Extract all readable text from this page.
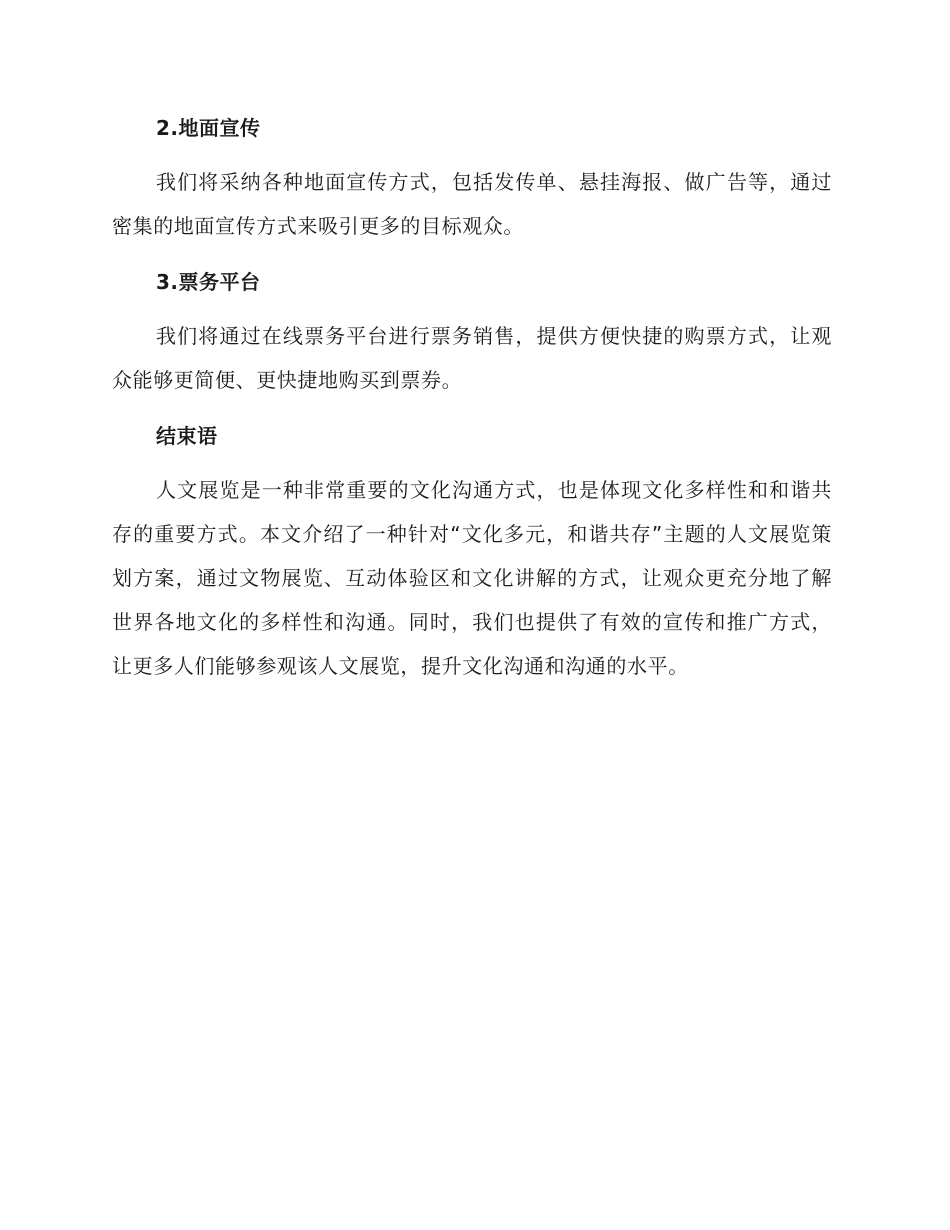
2.地面宣传

我们将采纳各种地面宣传方式，包括发传单、悬挂海报、做广告等，通过密集的地面宣传方式来吸引更多的目标观众。

3.票务平台

我们将通过在线票务平台进行票务销售，提供方便快捷的购票方式，让观众能够更简便、更快捷地购买到票券。

结束语

人文展览是一种非常重要的文化沟通方式，也是体现文化多样性和和谐共存的重要方式。本文介绍了一种针对“文化多元，和谐共存”主题的人文展览策划方案，通过文物展览、互动体验区和文化讲解的方式，让观众更充分地了解世界各地文化的多样性和沟通。同时，我们也提供了有效的宣传和推广方式，让更多人们能够参观该人文展览，提升文化沟通和沟通的水平。
